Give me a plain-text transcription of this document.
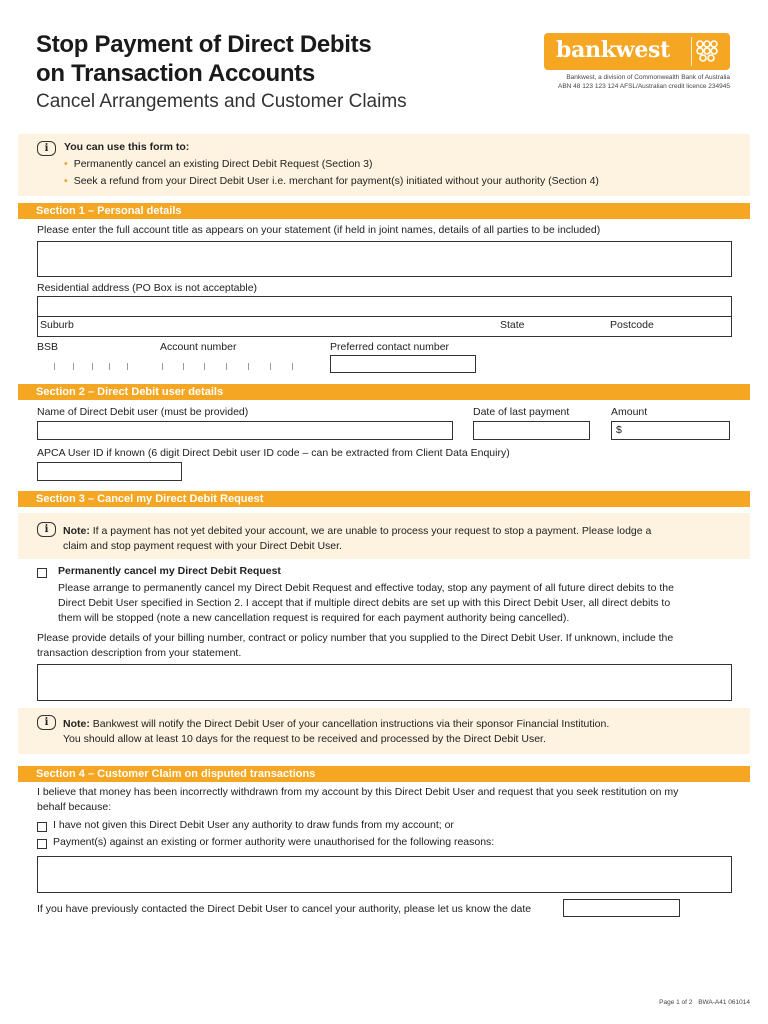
Stop Payment of Direct Debits
on Transaction Accounts
Cancel Arrangements and Customer Claims
bankwest
Bankwest, a division of Commonwealth Bank of Australia
ABN 48 123 123 124 AFSL/Australian credit licence 234945
i	You can use this form to:
• Permanently cancel an existing Direct Debit Request (Section 3)
• Seek a refund from your Direct Debit User i.e. merchant for payment(s) initiated without your authority (Section 4)
Section 1 – Personal details
Please enter the full account title as appears on your statement (if held in joint names, details of all parties to be included)
Residential address (PO Box is not acceptable)
Suburb	State	Postcode
BSB	Account number	Preferred contact number
Section 2 – Direct Debit user details
Name of Direct Debit user (must be provided)	Date of last payment	Amount
$
APCA User ID if known (6 digit Direct Debit user ID code – can be extracted from Client Data Enquiry)
Section 3 – Cancel my Direct Debit Request
i	Note: If a payment has not yet debited your account, we are unable to process your request to stop a payment. Please lodge a
claim and stop payment request with your Direct Debit User.
Permanently cancel my Direct Debit Request
Please arrange to permanently cancel my Direct Debit Request and effective today, stop any payment of all future direct debits to the
Direct Debit User specified in Section 2. I accept that if multiple direct debits are set up with this Direct Debit User, all direct debits to
them will be stopped (note a new cancellation request is required for each payment authority being cancelled).
Please provide details of your billing number, contract or policy number that you supplied to the Direct Debit User. If unknown, include the
transaction description from your statement.
i	Note: Bankwest will notify the Direct Debit User of your cancellation instructions via their sponsor Financial Institution.
You should allow at least 10 days for the request to be received and processed by the Direct Debit User.
Section 4 – Customer Claim on disputed transactions
I believe that money has been incorrectly withdrawn from my account by this Direct Debit User and request that you seek restitution on my
behalf because:
I have not given this Direct Debit User any authority to draw funds from my account; or
Payment(s) against an existing or former authority were unauthorised for the following reasons:
If you have previously contacted the Direct Debit User to cancel your authority, please let us know the date
Page 1 of 2 BWA-A41 061014
